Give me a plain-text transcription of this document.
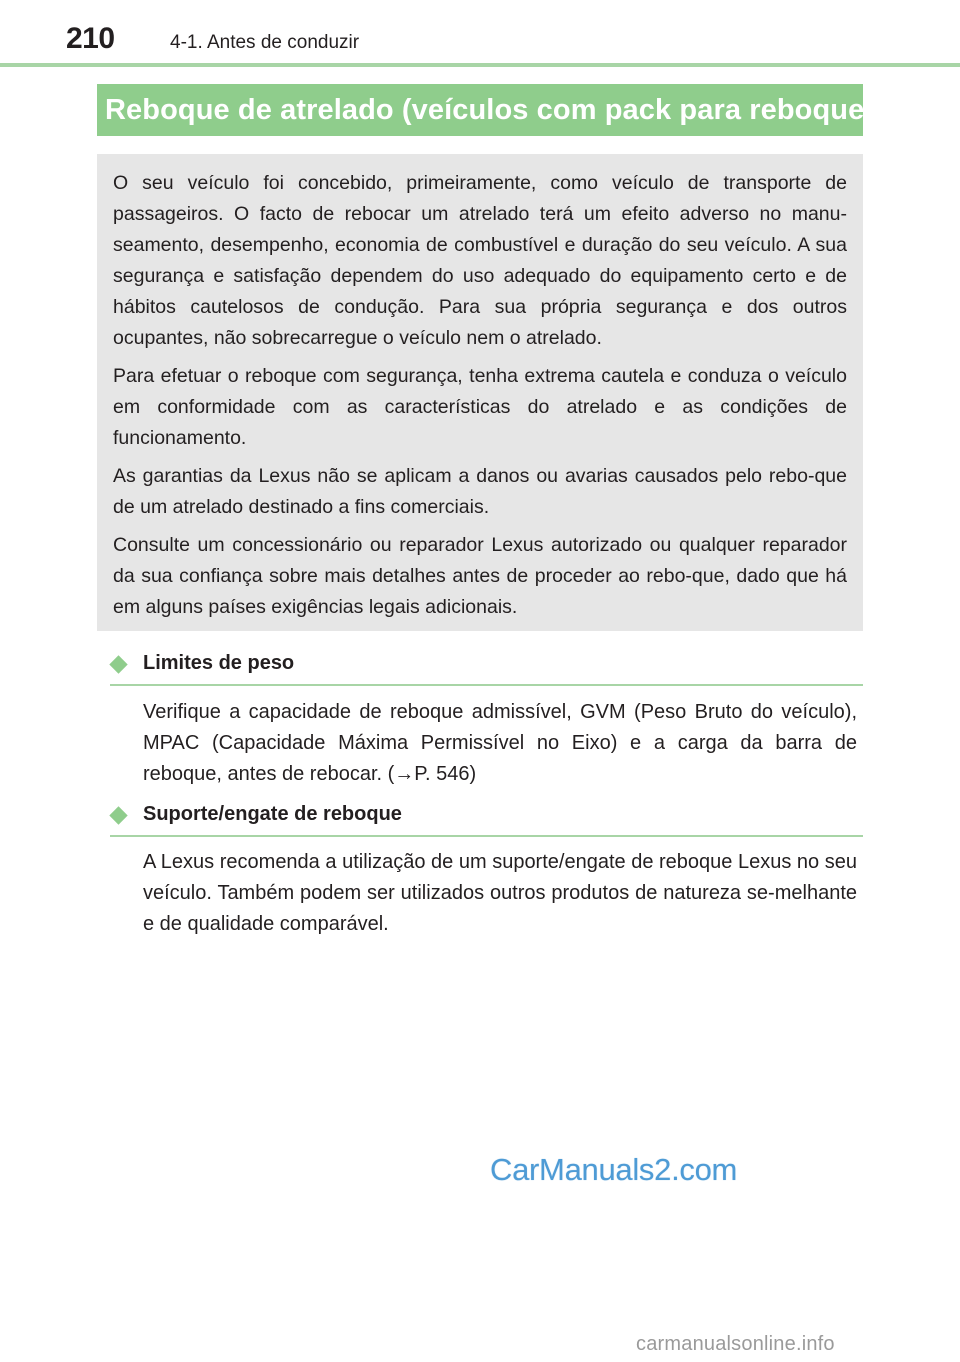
210	4-1. Antes de conduzir
Reboque de atrelado (veículos com pack para reboque)

O seu veículo foi concebido, primeiramente, como veículo de transporte de passageiros. O facto de rebocar um atrelado terá um efeito adverso no manu-seamento, desempenho, economia de combustível e duração do seu veículo. A sua segurança e satisfação dependem do uso adequado do equipamento certo e de hábitos cautelosos de condução. Para sua própria segurança e dos outros ocupantes, não sobrecarregue o veículo nem o atrelado.

Para efetuar o reboque com segurança, tenha extrema cautela e conduza o veículo em conformidade com as características do atrelado e as condições de funcionamento.

As garantias da Lexus não se aplicam a danos ou avarias causados pelo rebo-que de um atrelado destinado a fins comerciais.

Consulte um concessionário ou reparador Lexus autorizado ou qualquer reparador da sua confiança sobre mais detalhes antes de proceder ao rebo-que, dado que há em alguns países exigências legais adicionais.

Limites de peso

Verifique a capacidade de reboque admissível, GVM (Peso Bruto do veículo), MPAC (Capacidade Máxima Permissível no Eixo) e a carga da barra de reboque, antes de rebocar. (→P. 546)

Suporte/engate de reboque

A Lexus recomenda a utilização de um suporte/engate de reboque Lexus no seu veículo. Também podem ser utilizados outros produtos de natureza se-melhante e de qualidade comparável.

CarManuals2.com
carmanualsonline.info
